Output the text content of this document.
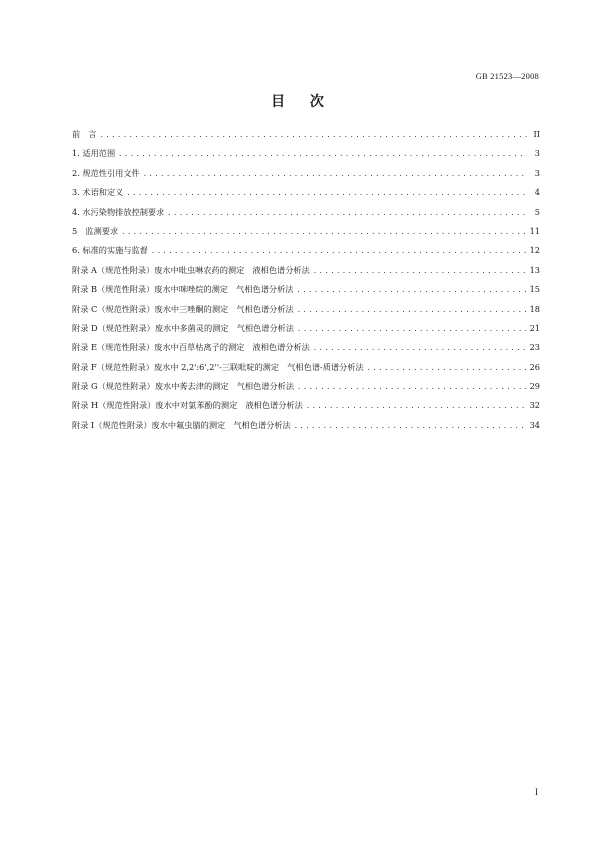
GB 21523—2008
目 次
前　言 .....	II
1. 适用范围 .....	3
2. 规范性引用文件 .....	3
3. 术语和定义 .....	4
4. 水污染物排放控制要求 .....	5
5　监测要求 .....	11
6. 标准的实施与监督 .....	12
附录 A（规范性附录）废水中吡虫啉农药的测定　液相色谱分析法 .....	13
附录 B（规范性附录）废水中咪唑烷的测定　气相色谱分析法 .....	15
附录 C（规范性附录）废水中三唑酮的测定　气相色谱分析法 .....	18
附录 D（规范性附录）废水中多菌灵的测定　气相色谱分析法 .....	21
附录 E（规范性附录）废水中百草枯离子的测定　液相色谱分析法 .....	23
附录 F（规范性附录）废水中 2,2':6',2''-三联吡啶的测定　气相色谱-质谱分析法 .....	26
附录 G（规范性附录）废水中莠去津的测定　气相色谱分析法 .....	29
附录 H（规范性附录）废水中对氯苯酚的测定　液相色谱分析法 .....	32
附录 I（规范性附录）废水中氟虫腈的测定　气相色谱分析法 .....	34
I
